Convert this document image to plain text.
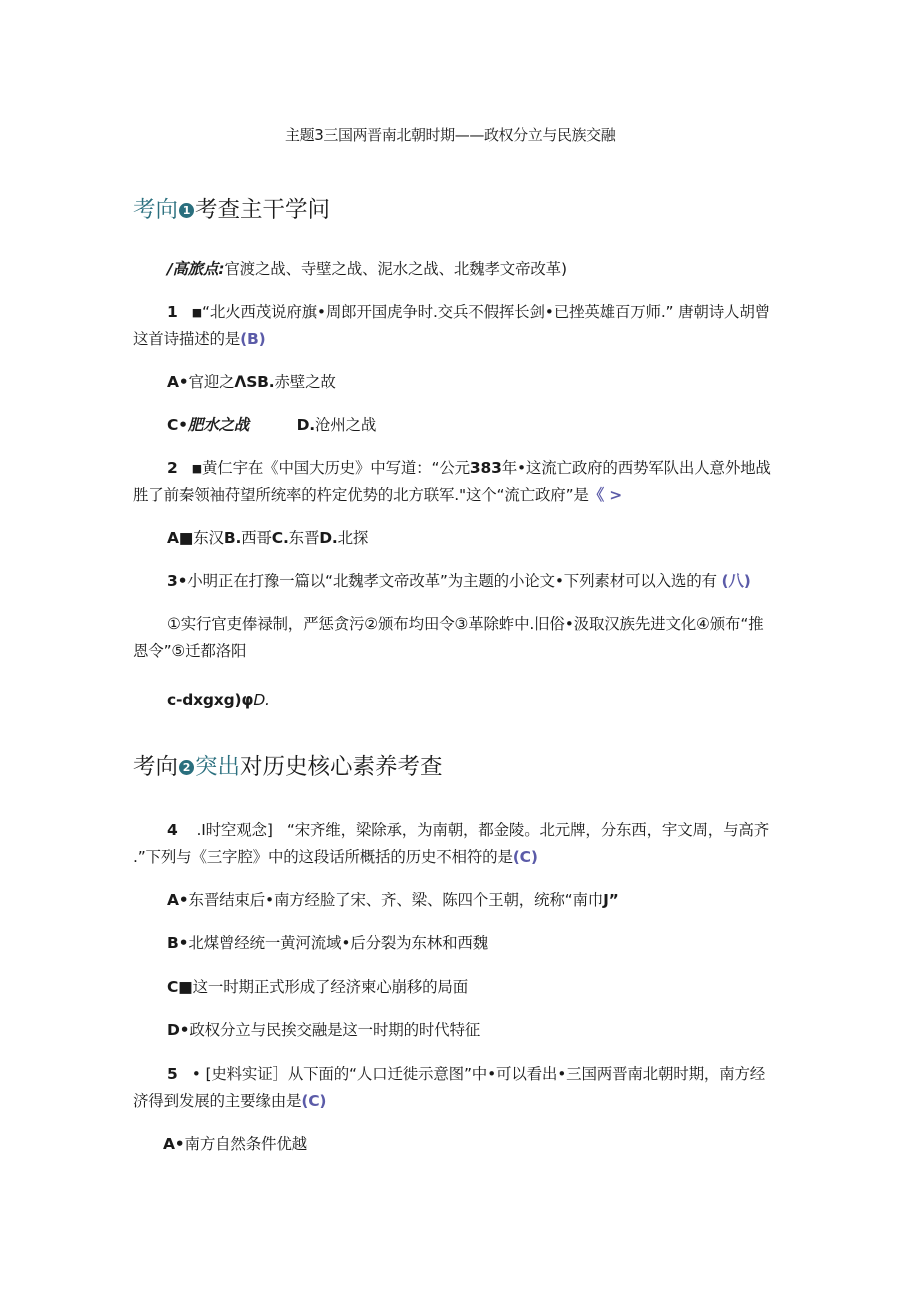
主题3三国两晋南北朝时期——政权分立与民族交融
考向 1 考查主干学问
/高旅点:官渡之战、寺壁之战、泥水之战、北魏孝文帝改革)
1 ■“北火西茂说府旗•周郎开国虎争时.交兵不假挥长剑•已挫英雄百万师.” 唐朝诗人胡曾
这首诗描述的是(B)
A•官迎之ΛSB.赤壁之故
C•肥水之战	D.沧州之战
2 ■黄仁宇在《中国大历史》中写道：“公元383年•这流亡政府的西势军队出人意外地战
胜了前秦领袖苻望所统率的杵定优势的北方联军."这个“流亡政府”是《 >
A■东汉B.西哥C.东晋D.北探
3•小明正在打豫一篇以“北魏孝文帝改革”为主题的小论文•下列素材可以入选的有 (八)
①实行官吏俸禄制，严惩贪污②颁布均田令③革除蚱中.旧俗•汲取汉族先进文化④颁布“推
恩令”⑤迁都洛阳
c-dxgxg)φD.
考向 2 突出对历史核心素养考查
4 .I时空观念] “宋齐维，梁除承，为南朝，都金陵。北元牌，分东西，宇文周，与高齐
.”下列与《三字腔》中的这段话所概括的历史不相符的是(C)
A•东晋结束后•南方经脸了宋、齐、梁、陈四个王朝，统称“南巾J”
B•北煤曾经统一黄河流域•后分裂为东林和西魏
C■这一时期正式形成了经济柬心崩移的局面
D•政权分立与民挨交融是这一时期的时代特征
5 • [史料实证］从下面的“人口迁徙示意图”中•可以看出•三国两晋南北朝时期，南方经
济得到发展的主要缘由是(C)
A•南方自然条件优越
